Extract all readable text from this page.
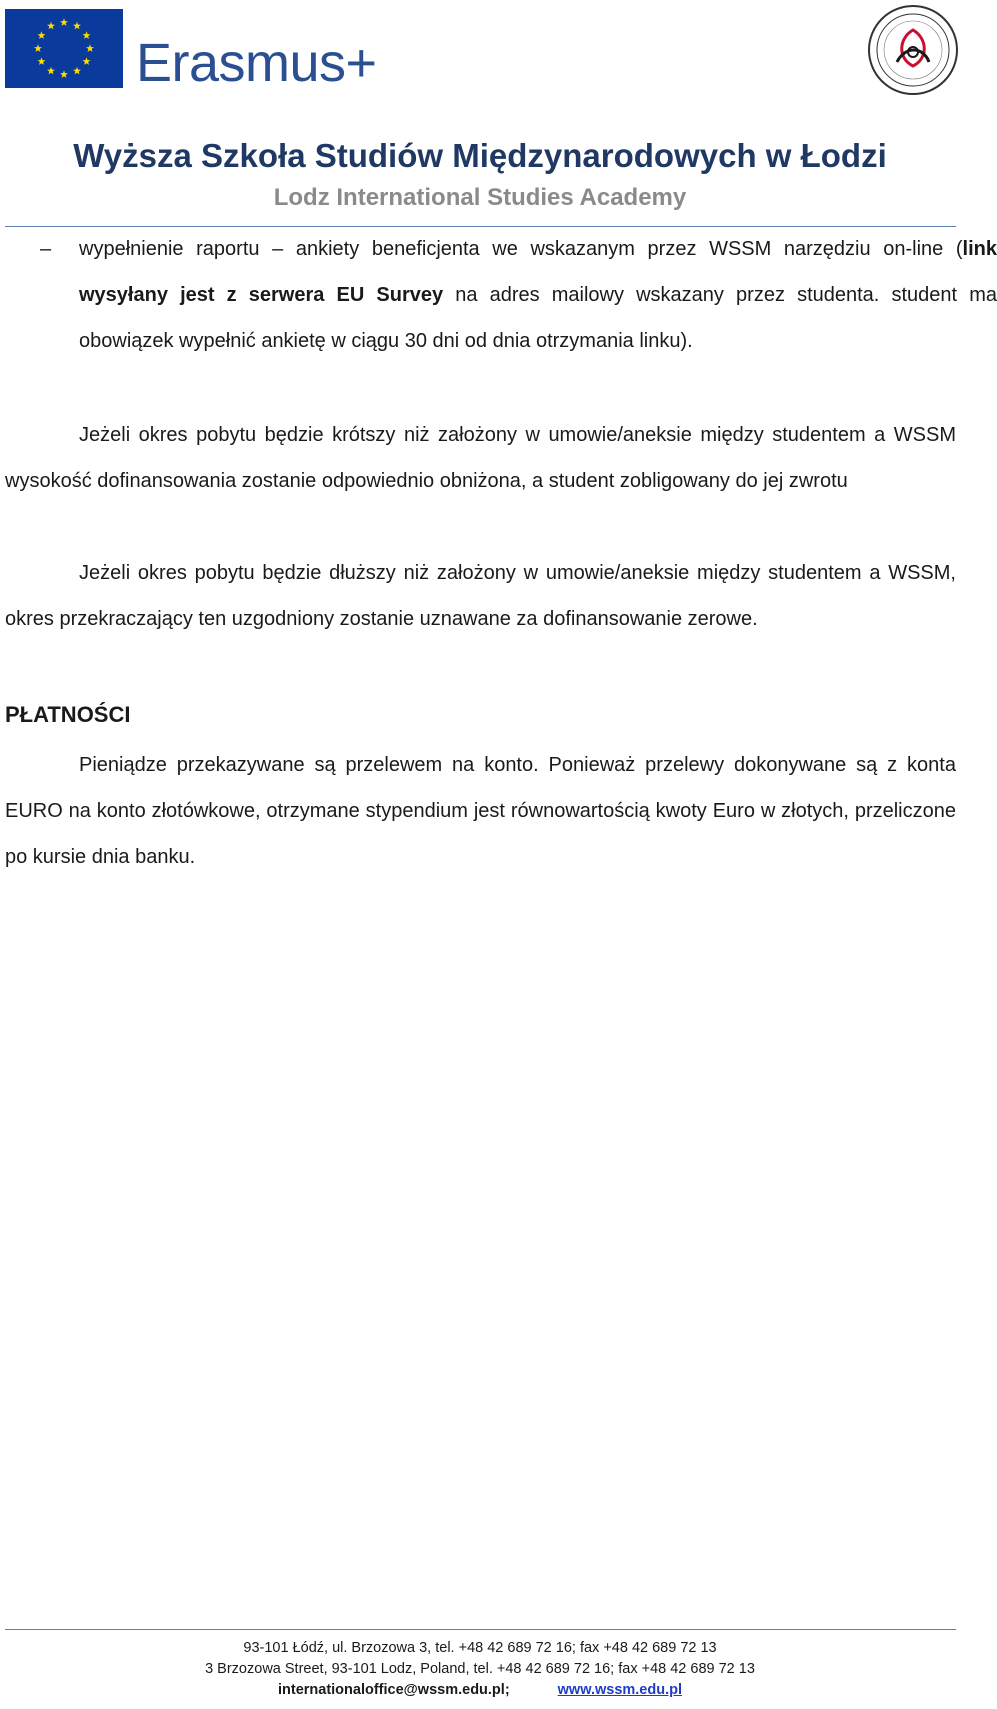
Erasmus+
Wyższa Szkoła Studiów Międzynarodowych w Łodzi
Lodz International Studies Academy
–	wypełnienie raportu – ankiety beneficjenta we wskazanym przez WSSM narzędziu on-line (link wysyłany jest z serwera EU Survey na adres mailowy wskazany przez studenta. student ma obowiązek wypełnić ankietę w ciągu 30 dni od dnia otrzymania linku).
Jeżeli okres pobytu będzie krótszy niż założony w umowie/aneksie między studentem a WSSM wysokość dofinansowania zostanie odpowiednio obniżona, a student zobligowany do jej zwrotu
Jeżeli okres pobytu będzie dłuższy niż założony w umowie/aneksie między studentem a WSSM, okres przekraczający ten uzgodniony zostanie uznawane za dofinansowanie zerowe.
PŁATNOŚCI
Pieniądze przekazywane są przelewem na konto. Ponieważ przelewy dokonywane są z konta EURO na konto złotówkowe, otrzymane stypendium jest równowartością kwoty Euro w złotych, przeliczone po kursie dnia banku.
93-101 Łódź, ul. Brzozowa 3, tel. +48 42 689 72 16; fax +48 42 689 72 13
3 Brzozowa Street, 93-101 Lodz, Poland, tel. +48 42 689 72 16; fax +48 42 689 72 13
internationaloffice@wssm.edu.pl;	www.wssm.edu.pl
